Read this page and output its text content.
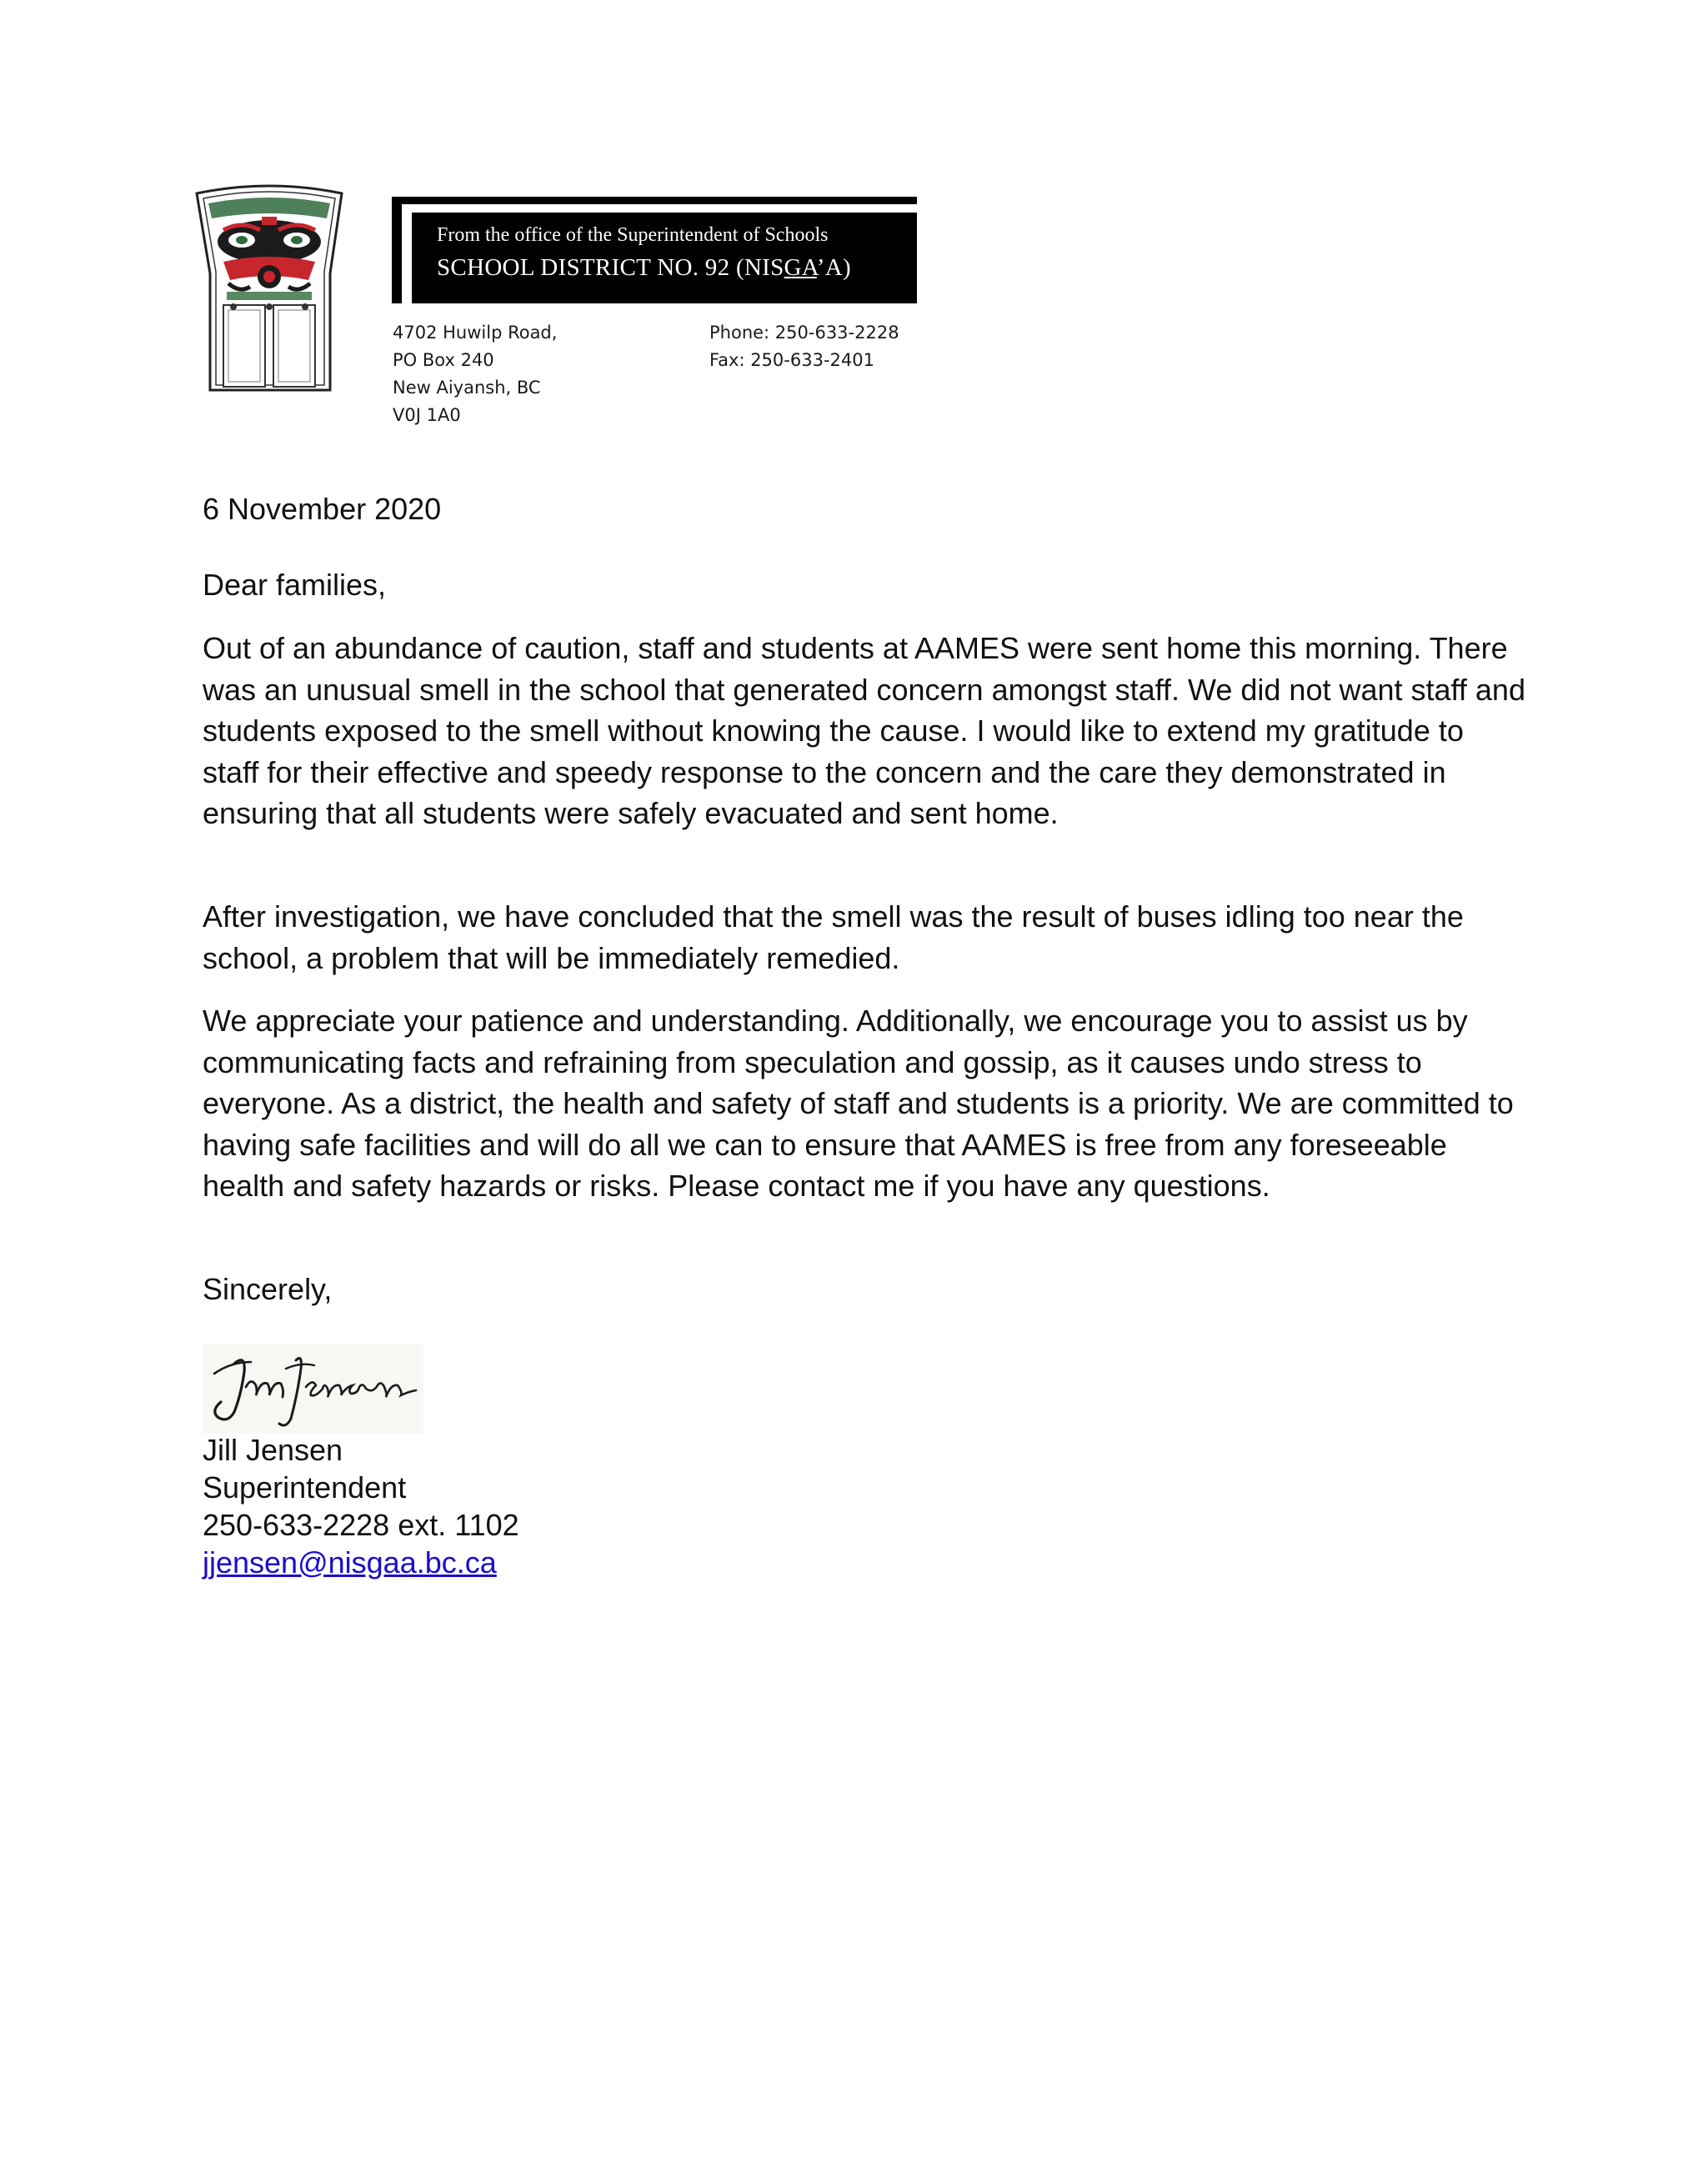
From the office of the Superintendent of Schools
SCHOOL DISTRICT NO. 92 (NISGA’A)
4702 Huwilp Road,
PO Box 240
New Aiyansh, BC
V0J 1A0
Phone: 250-633-2228
Fax: 250-633-2401
6 November 2020
Dear families,
Out of an abundance of caution, staff and students at AAMES were sent home this morning. There was an unusual smell in the school that generated concern amongst staff. We did not want staff and students exposed to the smell without knowing the cause. I would like to extend my gratitude to staff for their effective and speedy response to the concern and the care they demonstrated in ensuring that all students were safely evacuated and sent home.
After investigation, we have concluded that the smell was the result of buses idling too near the school, a problem that will be immediately remedied.
We appreciate your patience and understanding. Additionally, we encourage you to assist us by communicating facts and refraining from speculation and gossip, as it causes undo stress to everyone. As a district, the health and safety of staff and students is a priority. We are committed to having safe facilities and will do all we can to ensure that AAMES is free from any foreseeable health and safety hazards or risks. Please contact me if you have any questions.
Sincerely,
Jill Jensen
Superintendent
250-633-2228 ext. 1102
jjensen@nisgaa.bc.ca
